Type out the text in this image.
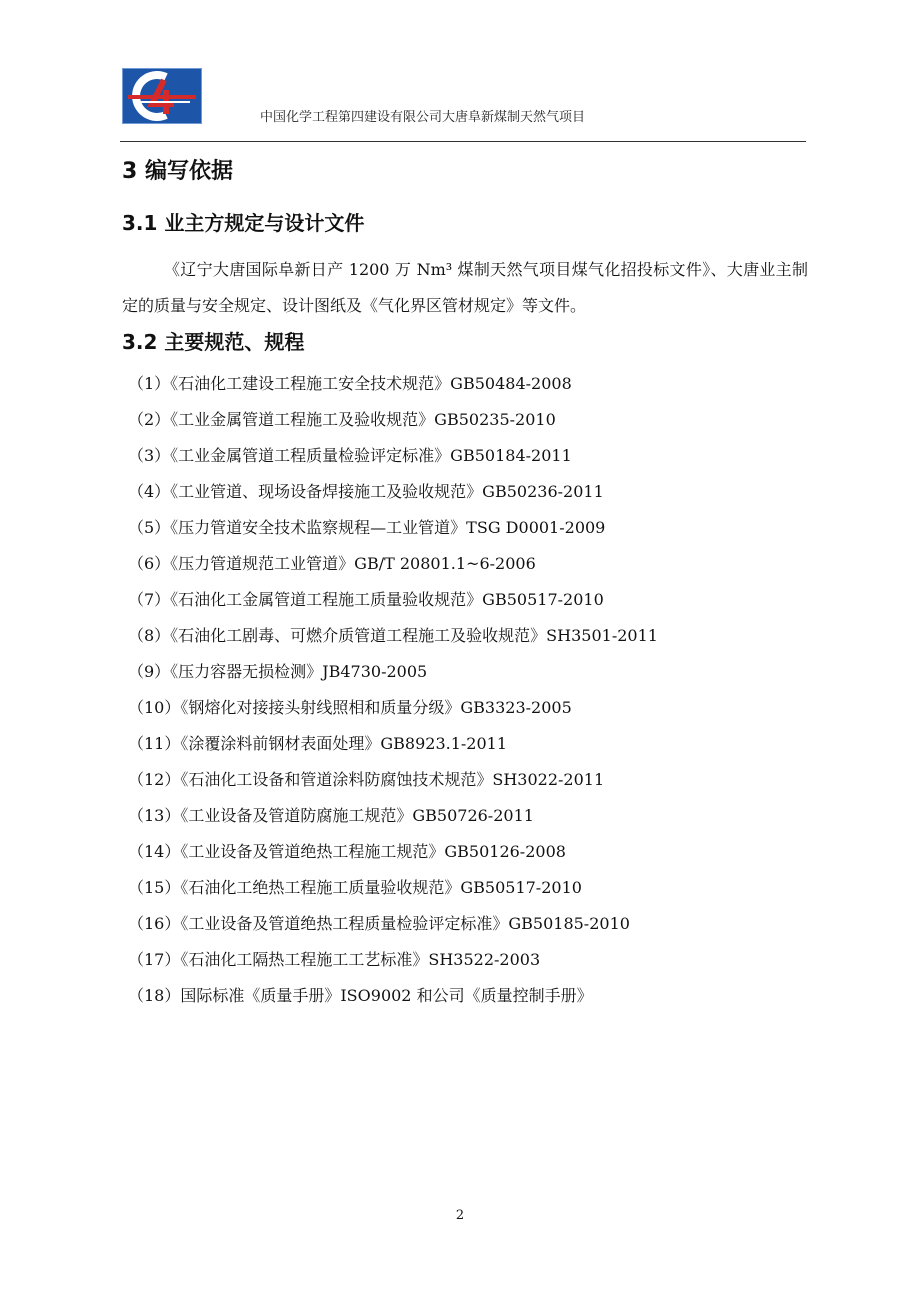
中国化学工程第四建设有限公司大唐阜新煤制天然气项目
3 编写依据
3.1 业主方规定与设计文件

《辽宁大唐国际阜新日产 1200 万 Nm³ 煤制天然气项目煤气化招投标文件》、大唐业主制定的质量与安全规定、设计图纸及《气化界区管材规定》等文件。

3.2 主要规范、规程
（1）《石油化工建设工程施工安全技术规范》GB50484-2008
（2）《工业金属管道工程施工及验收规范》GB50235-2010
（3）《工业金属管道工程质量检验评定标准》GB50184-2011
（4）《工业管道、现场设备焊接施工及验收规范》GB50236-2011
（5）《压力管道安全技术监察规程—工业管道》TSG D0001-2009
（6）《压力管道规范工业管道》GB/T 20801.1~6-2006
（7）《石油化工金属管道工程施工质量验收规范》GB50517-2010
（8）《石油化工剧毒、可燃介质管道工程施工及验收规范》SH3501-2011
（9）《压力容器无损检测》JB4730-2005
（10）《钢熔化对接接头射线照相和质量分级》GB3323-2005
（11）《涂覆涂料前钢材表面处理》GB8923.1-2011
（12）《石油化工设备和管道涂料防腐蚀技术规范》SH3022-2011
（13）《工业设备及管道防腐施工规范》GB50726-2011
（14）《工业设备及管道绝热工程施工规范》GB50126-2008
（15）《石油化工绝热工程施工质量验收规范》GB50517-2010
（16）《工业设备及管道绝热工程质量检验评定标准》GB50185-2010
（17）《石油化工隔热工程施工工艺标准》SH3522-2003
（18）国际标准《质量手册》ISO9002 和公司《质量控制手册》
2
